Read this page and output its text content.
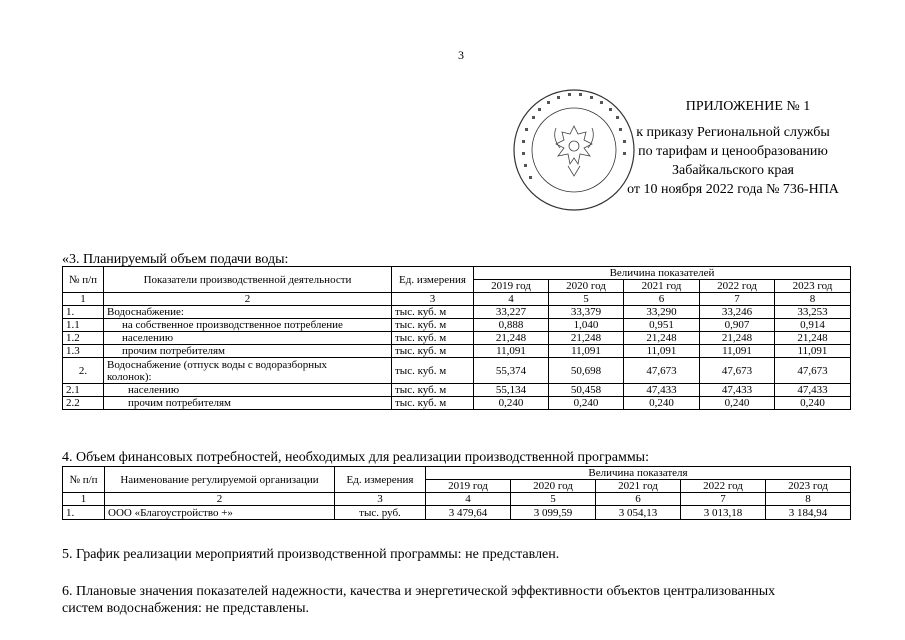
3
ПРИЛОЖЕНИЕ № 1
к приказу Региональной службы
по тарифам и ценообразованию
Забайкальского края
от 10 ноября 2022 года № 736-НПА
«3. Планируемый объем подачи воды:
№ п/п	Показатели производственной деятельности	Ед. измерения	Величина показателей				
			2019 год	2020 год	2021 год	2022 год	2023 год
1	2	3	4	5	6	7	8
1.	Водоснабжение:	тыс. куб. м	33,227	33,379	33,290	33,246	33,253
1.1	на собственное производственное потребление	тыс. куб. м	0,888	1,040	0,951	0,907	0,914
1.2	населению	тыс. куб. м	21,248	21,248	21,248	21,248	21,248
1.3	прочим потребителям	тыс. куб. м	11,091	11,091	11,091	11,091	11,091
2.	Водоснабжение (отпуск воды с водоразборных
колонок):	тыс. куб. м	55,374	50,698	47,673	47,673	47,673
2.1	населению	тыс. куб. м	55,134	50,458	47,433	47,433	47,433
2.2	прочим потребителям	тыс. куб. м	0,240	0,240	0,240	0,240	0,240
4. Объем финансовых потребностей, необходимых для реализации производственной программы:
№ п/п	Наименование регулируемой организации	Ед. измерения	Величина показателя				
			2019 год	2020 год	2021 год	2022 год	2023 год
1	2	3	4	5	6	7	8
1.	ООО «Благоустройство +»	тыс. руб.	3 479,64	3 099,59	3 054,13	3 013,18	3 184,94
5. График реализации мероприятий производственной программы: не представлен.
6. Плановые значения показателей надежности, качества и энергетической эффективности объектов централизованных
систем водоснабжения: не представлены.
